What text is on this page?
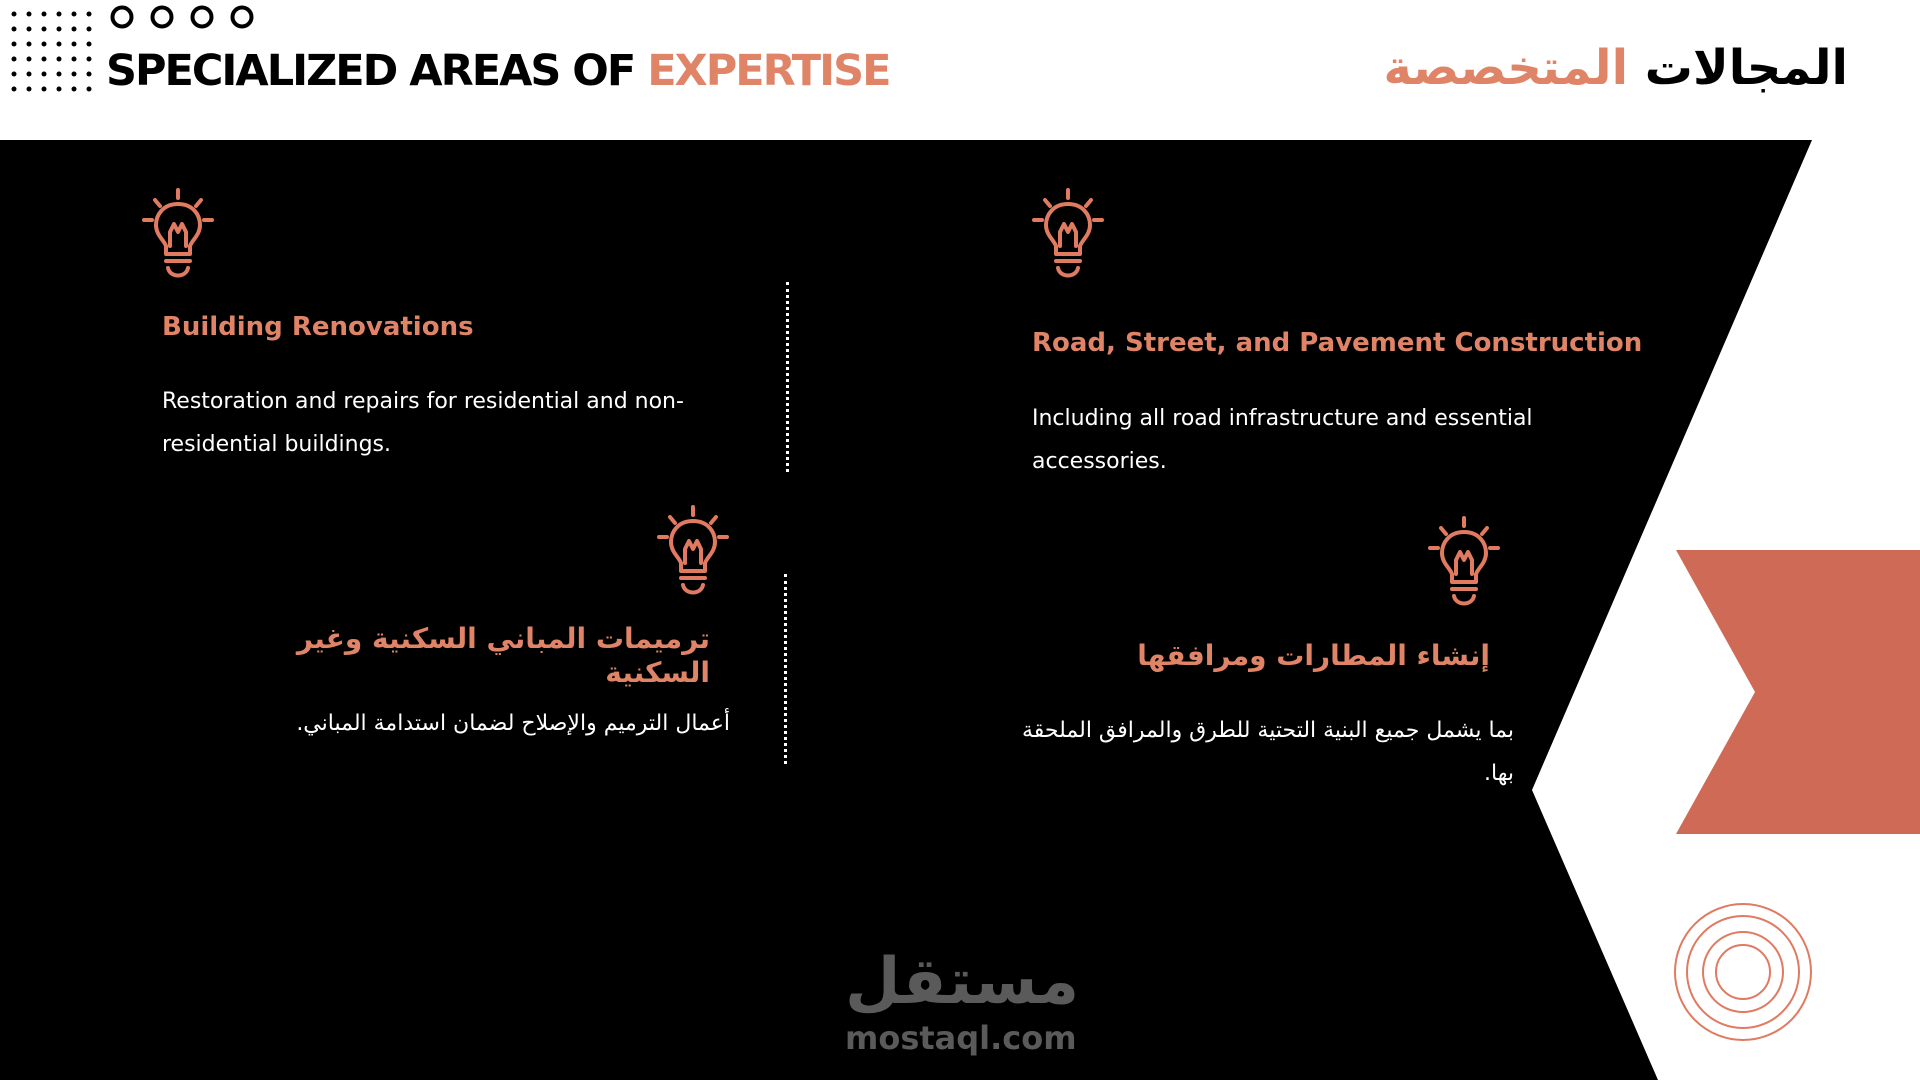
SPECIALIZED AREAS OF EXPERTISE	المجالات المتخصصة
Building Renovations

Restoration and repairs for residential and non-residential buildings.

Road, Street, and Pavement Construction

Including all road infrastructure and essential accessories.

ترميمات المباني السكنية وغير السكنية

أعمال الترميم والإصلاح لضمان استدامة المباني.

إنشاء المطارات ومرافقها

بما يشمل جميع البنية التحتية للطرق والمرافق الملحقة بها.

مستقل
mostaql.com
